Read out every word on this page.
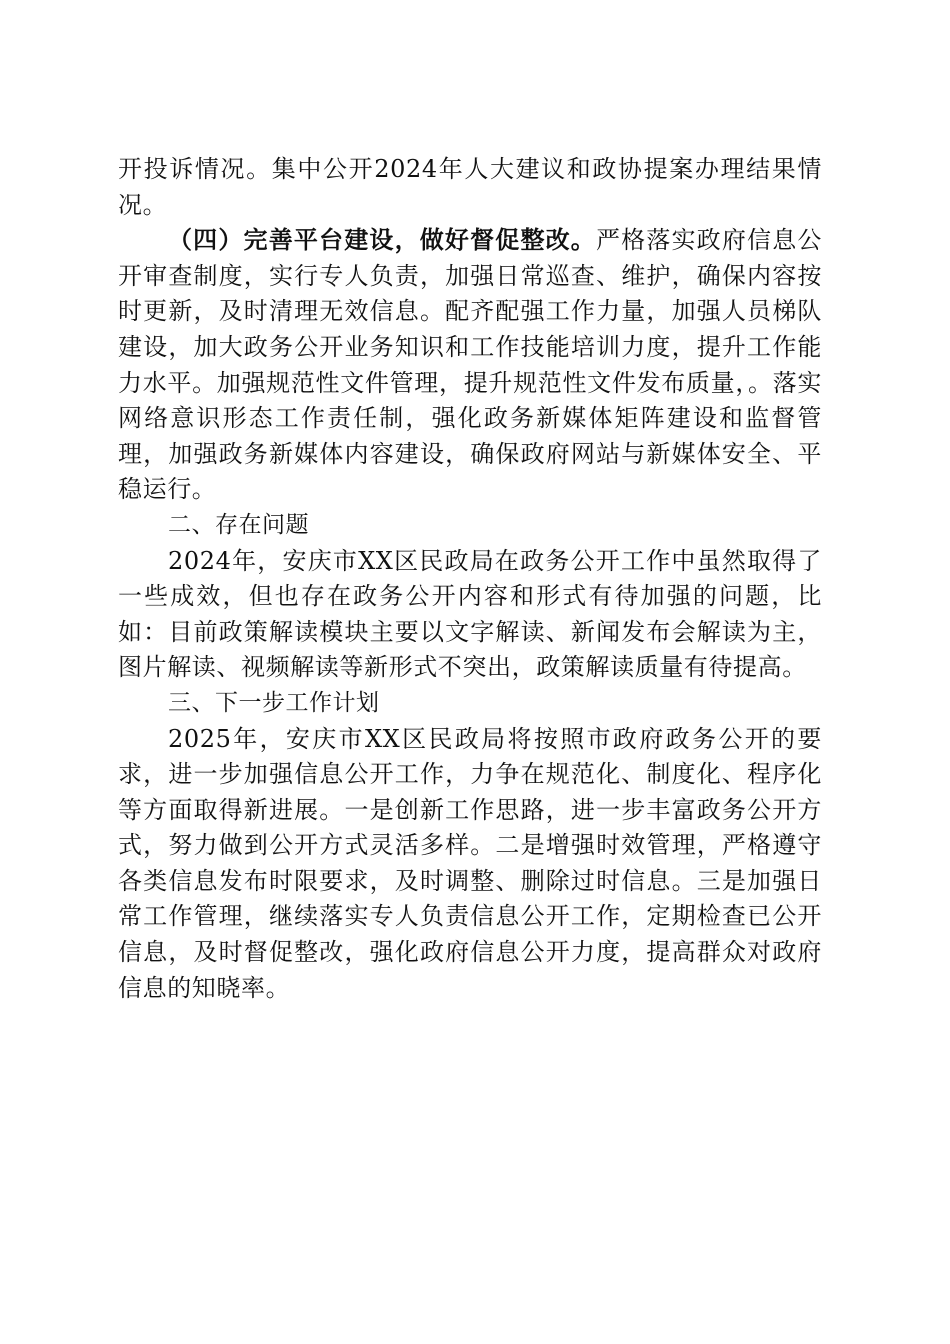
开投诉情况。集中公开2024年人大建议和政协提案办理结果情况。

（四）完善平台建设，做好督促整改。严格落实政府信息公开审查制度，实行专人负责，加强日常巡查、维护，确保内容按时更新，及时清理无效信息。配齐配强工作力量，加强人员梯队建设，加大政务公开业务知识和工作技能培训力度，提升工作能力水平。加强规范性文件管理，提升规范性文件发布质量，。落实网络意识形态工作责任制，强化政务新媒体矩阵建设和监督管理，加强政务新媒体内容建设，确保政府网站与新媒体安全、平稳运行。

二、存在问题

2024年，安庆市XX区民政局在政务公开工作中虽然取得了一些成效，但也存在政务公开内容和形式有待加强的问题，比如：目前政策解读模块主要以文字解读、新闻发布会解读为主，图片解读、视频解读等新形式不突出，政策解读质量有待提高。

三、下一步工作计划

2025年，安庆市XX区民政局将按照市政府政务公开的要求，进一步加强信息公开工作，力争在规范化、制度化、程序化等方面取得新进展。一是创新工作思路，进一步丰富政务公开方式，努力做到公开方式灵活多样。二是增强时效管理，严格遵守各类信息发布时限要求，及时调整、删除过时信息。三是加强日常工作管理，继续落实专人负责信息公开工作，定期检查已公开信息，及时督促整改，强化政府信息公开力度，提高群众对政府信息的知晓率。
